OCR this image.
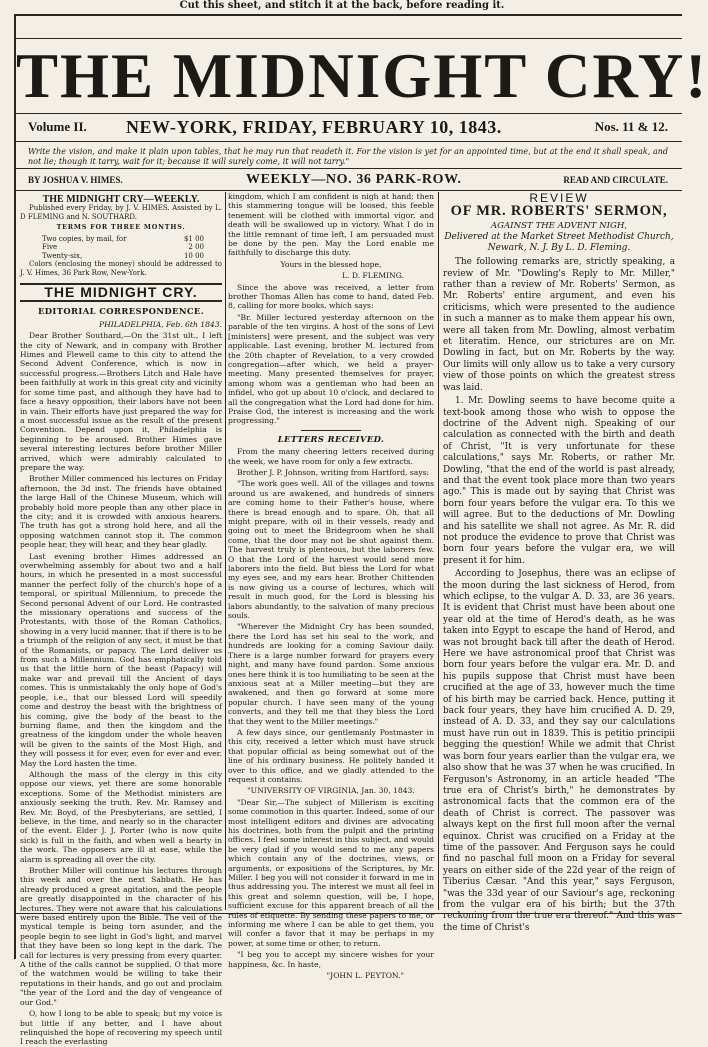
Cut this sheet, and stitch it at the back, before reading it.
THE MIDNIGHT CRY!
Volume II. NEW-YORK, FRIDAY, FEBRUARY 10, 1843.	Nos. 11 & 12.
Write the vision, and make it plain upon tables, that he may run that readeth it. For the vision is yet for an appointed time, but at the end it shall speak, and not lie; though it tarry, wait for it; because it will surely come, it will not tarry."
BY JOSHUA V. HIMES.	WEEKLY—NO. 36 PARK-ROW.	READ AND CIRCULATE.
THE MIDNIGHT CRY—WEEKLY.

Published every Friday, by J. V. HIMES. Assisted by L. D FLEMING and N. SOUTHARD.

TERMS FOR THREE MONTHS.
Two copies, by mail, for	$1 00
Five	2 00
Twenty-six,	10 00

Colors (enclosing the money) should be addressed to J. V. Himes, 36 Park Row, New-York.

THE MIDNIGHT CRY.
EDITORIAL CORRESPONDENCE.

PHILADELPHIA, Feb. 6th 1843.

Dear Brother Southard,—On the 31st ult., I left the city of Newark, and in company with Brother Himes and Flewell came to this city to attend the Second Advent Conference, which is now in successful progress.—Brothers Litch and Hale have been faithfully at work in this great city and vicinity for some time past, and although they have had to face a heavy opposition, their labors have not been in vain. Their efforts have just prepared the way for a most successful issue as the result of the present Convention. Depend upon it, Philadelphia is beginning to be aroused. Brother Himes gave several interesting lectures before brother Miller arrived, which were admirably calculated to prepare the way.

Brother Miller commenced his lectures on Friday afternoon, the 3d inst. The friends have obtained the large Hall of the Chinese Museum, which will probably hold more people than any other place in the city; and it is crowded with anxious hearers. The truth has got a strong hold here, and all the opposing watchmen cannot stop it. The common people hear, they will hear, and they hear gladly.

Last evening brother Himes addressed an overwhelming assembly for about two and a half hours, in which he presented in a most successful manner the perfect folly of the church's hope of a temporal, or spiritual Millennium, to precede the Second personal Advent of our Lord. He contrasted the missionary operations and success of the Protestants, with those of the Roman Catholics, showing in a very lucid manner, that if there is to be a triumph of the religion of any sect, it must be that of the Romanists, or papacy. The Lord deliver us from such a Millennium. God has emphatically told us that the little horn of the beast (Papacy) will make war and prevail till the Ancient of days comes. This is unmistakably the only hope of God's people, i.e., that our blessed Lord will speedily come and destroy the beast with the brightness of his coming, give the body of the beast to the burning flame, and then the kingdom and the greatness of the kingdom under the whole heaven will be given to the saints of the Most High, and they will possess it for ever, even for ever and ever. May the Lord hasten the time.

Although the mass of the clergy in this city oppose our views, yet there are some honorable exceptions. Some of the Methodist ministers are anxiously seeking the truth. Rev. Mr. Ramsey and Rev. Mr. Boyd, of the Presbyterians, are settled, I believe, in the time, and nearly so in the character of the event. Elder J. J. Porter (who is now quite sick) is full in the faith, and when well a hearty in the work. The opposers are ill at ease, while the alarm is spreading all over the city.

Brother Miller will continue his lectures through this week and over the next Sabbath. He has already produced a great agitation, and the people are greatly disappointed in the character of his lectures. They were not aware that his calculations were based entirely upon the Bible. The veil of the mystical temple is being torn asunder, and the people begin to see light in God's light, and marvel that they have been so long kept in the dark. The call for lectures is very pressing from every quarter. A tithe of the calls cannot be supplied. O that more of the watchmen would be willing to take their reputations in their hands, and go out and proclaim "the year of the Lord and the day of vengeance of our God."

O, how I long to be able to speak; but my voice is but little if any better, and I have about relinquished the hope of recovering my speech until I reach the everlasting

kingdom, which I am confident is nigh at hand; then this stammering tongue will be loosed, this feeble tenement will be clothed with immortal vigor, and death will be swallowed up in victory. What I do in the little remnant of time left, I am persuaded must be done by the pen. May the Lord enable me faithfully to discharge this duty.

Yours in the blessed hope,

L. D. FLEMING.

Since the above was received, a letter from brother Thomas Allen has come to hand, dated Feb. 8, calling for more books, which says:

"Br. Miller lectured yesterday afternoon on the parable of the ten virgins. A host of the sons of Levi [ministers] were present, and the subject was very applicable. Last evening, brother M. lectured from the 20th chapter of Revelation, to a very crowded congregation—after which, we held a prayer-meeting. Many presented themselves for prayer, among whom was a gentleman who had been an infidel, who got up about 10 o'clock, and declared to all the congregation what the Lord had done for him. Praise God, the interest is increasing and the work progressing."

LETTERS RECEIVED.

From the many cheering letters received during the week, we have room for only a few extracts.

Brother J. P. Johnson, writing from Hartford, says:

"The work goes well. All of the villages and towns around us are awakened, and hundreds of sinners are coming home to their Father's house, where there is bread enough and to spare. Oh, that all might prepare, with oil in their vessels, ready and going out to meet the Bridegroom when he shall come, that the door may not be shut against them. The harvest truly is plenteous, but the laborers few. O that the Lord of the harvest would send more laborers into the field. But bless the Lord for what my eyes see, and my ears hear. Brother Chittenden is now giving us a course of lectures, which will result in much good, for the Lord is blessing his labors abundantly, to the salvation of many precious souls.

"Wherever the Midnight Cry has been sounded, there the Lord has set his seal to the work, and hundreds are looking for a coming Saviour daily. There is a large number forward for prayers every night, and many have found pardon. Some anxious ones here think it is too humiliating to be seen at the anxious seat at a Miller meeting—but they are awakened, and then go forward at some more popular church. I have seen many of the young converts, and they tell me that they bless the Lord that they went to the Miller meetings."

A few days since, our gentlemanly Postmaster in this city, received a letter which must have struck that popular official as being somewhat out of the line of his ordinary business. He politely handed it over to this office, and we gladly attended to the request it contains.

"UNIVERSITY OF VIRGINIA, Jan. 30, 1843.

"Dear Sir,—The subject of Millerism is exciting some commotion in this quarter. Indeed, some of our most intelligent editors and divines are advocating his doctrines, both from the pulpit and the printing offices. I feel some interest in this subject, and would be very glad if you would send to me any papers which contain any of the doctrines, views, or arguments, or expositions of the Scriptures, by Mr. Miller. I beg you will not consider it forward in me in thus addressing you. The interest we must all feel in this great and solemn question, will be, I hope, sufficient excuse for this apparent breach of all the rules of etiquette. By sending these papers to me, or informing me where I can be able to get them, you will confer a favor that it may be perhaps in my power, at some time or other, to return.

"I beg you to accept my sincere wishes for your happiness, &c. In haste,

"JOHN L. PEYTON."

REVIEW
OF MR. ROBERTS' SERMON,
AGAINST THE ADVENT NIGH,
Delivered at the Market Street Methodist Church,
Newark, N. J. By L. D. Fleming.

The following remarks are, strictly speaking, a review of Mr. "Dowling's Reply to Mr. Miller," rather than a review of Mr. Roberts' Sermon, as Mr. Roberts' entire argument, and even his criticisms, which were presented to the audience in such a manner as to make them appear his own, were all taken from Mr. Dowling, almost verbatim et literatim. Hence, our strictures are on Mr. Dowling in fact, but on Mr. Roberts by the way. Our limits will only allow us to take a very cursory view of those points on which the greatest stress was laid.

1. Mr. Dowling seems to have become quite a text-book among those who wish to oppose the doctrine of the Advent nigh. Speaking of our calculation as connected with the birth and death of Christ, "It is very unfortunate for these calculations," says Mr. Roberts, or rather Mr. Dowling, "that the end of the world is past already, and that the event took place more than two years ago." This is made out by saying that Christ was born four years before the vulgar era. To this we will agree. But to the deductions of Mr. Dowling and his satellite we shall not agree. As Mr. R. did not produce the evidence to prove that Christ was born four years before the vulgar era, we will present it for him.

According to Josephus, there was an eclipse of the moon during the last sickness of Herod, from which eclipse, to the vulgar A. D. 33, are 36 years. It is evident that Christ must have been about one year old at the time of Herod's death, as he was taken into Egypt to escape the hand of Herod, and was not brought back till after the death of Herod. Here we have astronomical proof that Christ was born four years before the vulgar era. Mr. D. and his pupils suppose that Christ must have been crucified at the age of 33, however much the time of his birth may be carried back. Hence, putting it back four years, they have him crucified A. D. 29, instead of A. D. 33, and they say our calculations must have run out in 1839. This is petitio principii begging the question! While we admit that Christ was born four years earlier than the vulgar era, we also show that he was 37 when he was crucified. In Ferguson's Astronomy, in an article headed "The true era of Christ's birth," he demonstrates by astronomical facts that the common era of the death of Christ is correct. The passover was always kept on the first full moon after the vernal equinox. Christ was crucified on a Friday at the time of the passover. And Ferguson says he could find no paschal full moon on a Friday for several years on either side of the 22d year of the reign of Tiberius Cæsar. "And this year," says Ferguson, "was the 33d year of our Saviour's age, reckoning from the vulgar era of his birth; but the 37th reckoning from the true era thereof." And this was the time of Christ's
